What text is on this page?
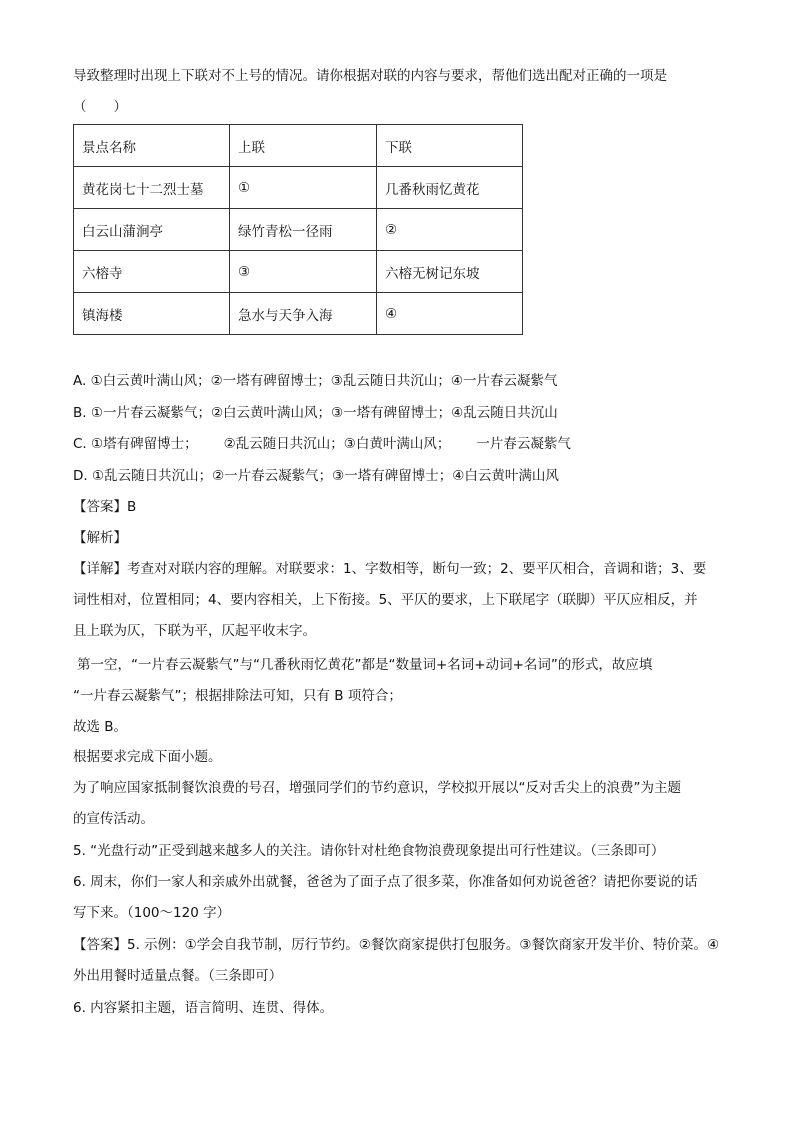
导致整理时出现上下联对不上号的情况。请你根据对联的内容与要求，帮他们选出配对正确的一项是
（　　）
景点名称	上联	下联
黄花岗七十二烈士墓	①	几番秋雨忆黄花
白云山蒲涧亭	绿竹青松一径雨	②
六榕寺	③	六榕无树记东坡
镇海楼	急水与天争入海	④
A. ①白云黄叶满山风；②一塔有碑留博士；③乱云随日共沉山；④一片春云凝紫气
B. ①一片春云凝紫气；②白云黄叶满山风；③一塔有碑留博士；④乱云随日共沉山
C. ①塔有碑留博士； ②乱云随日共沉山；③白黄叶满山风； 一片春云凝紫气
D. ①乱云随日共沉山；②一片春云凝紫气；③一塔有碑留博士；④白云黄叶满山风
【答案】B
【解析】
【详解】考查对对联内容的理解。对联要求：1、字数相等，断句一致；2、要平仄相合，音调和谐；3、要
词性相对，位置相同；4、要内容相关，上下衔接。5、平仄的要求，上下联尾字（联脚）平仄应相反，并
且上联为仄，下联为平，仄起平收末字。
第一空，“一片春云凝紫气”与“几番秋雨忆黄花”都是“数量词+名词+动词+名词”的形式，故应填
“一片春云凝紫气”；根据排除法可知，只有 B 项符合；
故选 B。
根据要求完成下面小题。
为了响应国家抵制餐饮浪费的号召，增强同学们的节约意识，学校拟开展以“反对舌尖上的浪费”为主题
的宣传活动。
5. “光盘行动”正受到越来越多人的关注。请你针对杜绝食物浪费现象提出可行性建议。（三条即可）
6. 周末，你们一家人和亲戚外出就餐，爸爸为了面子点了很多菜，你准备如何劝说爸爸？请把你要说的话
写下来。（100～120 字）
【答案】5. 示例：①学会自我节制，厉行节约。②餐饮商家提供打包服务。③餐饮商家开发半价、特价菜。④
外出用餐时适量点餐。（三条即可）
6. 内容紧扣主题，语言简明、连贯、得体。
